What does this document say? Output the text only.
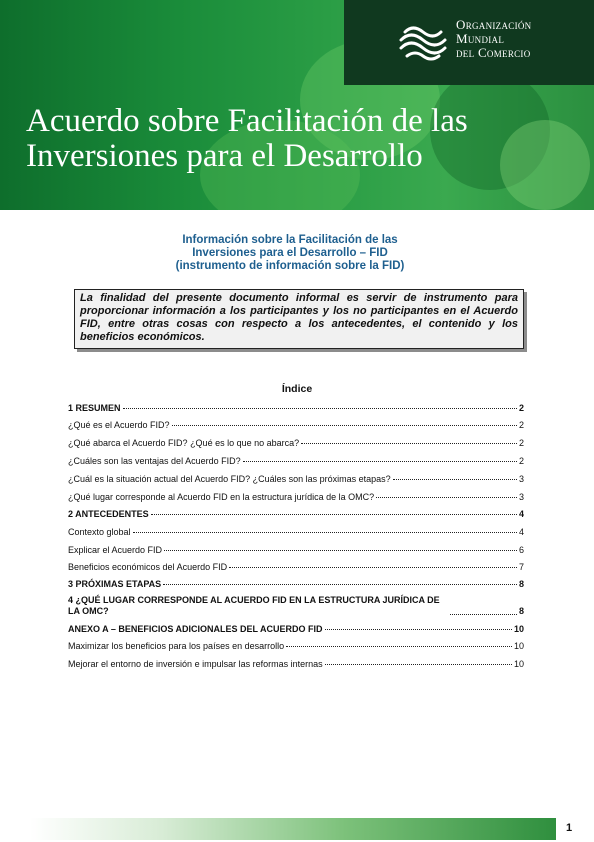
Organización
Mundial
del Comercio
Acuerdo sobre Facilitación de las
Inversiones para el Desarrollo
Información sobre la Facilitación de las
Inversiones para el Desarrollo – FID
(instrumento de información sobre la FID)
La finalidad del presente documento informal es servir de instrumento para proporcionar información a los participantes y los no participantes en el Acuerdo FID, entre otras cosas con respecto a los antecedentes, el contenido y los beneficios económicos.
Índice
1 RESUMEN	2
¿Qué es el Acuerdo FID?	2
¿Qué abarca el Acuerdo FID? ¿Qué es lo que no abarca?	2
¿Cuáles son las ventajas del Acuerdo FID?	2
¿Cuál es la situación actual del Acuerdo FID? ¿Cuáles son las próximas etapas?	3
¿Qué lugar corresponde al Acuerdo FID en la estructura jurídica de la OMC?	3
2 ANTECEDENTES	4
Contexto global	4
Explicar el Acuerdo FID	6
Beneficios económicos del Acuerdo FID	7
3 PRÓXIMAS ETAPAS	8
4 ¿QUÉ LUGAR CORRESPONDE AL ACUERDO FID EN LA ESTRUCTURA JURÍDICA DE LA OMC?	8
ANEXO A – BENEFICIOS ADICIONALES DEL ACUERDO FID	10
Maximizar los beneficios para los países en desarrollo	10
Mejorar el entorno de inversión e impulsar las reformas internas	10
1
